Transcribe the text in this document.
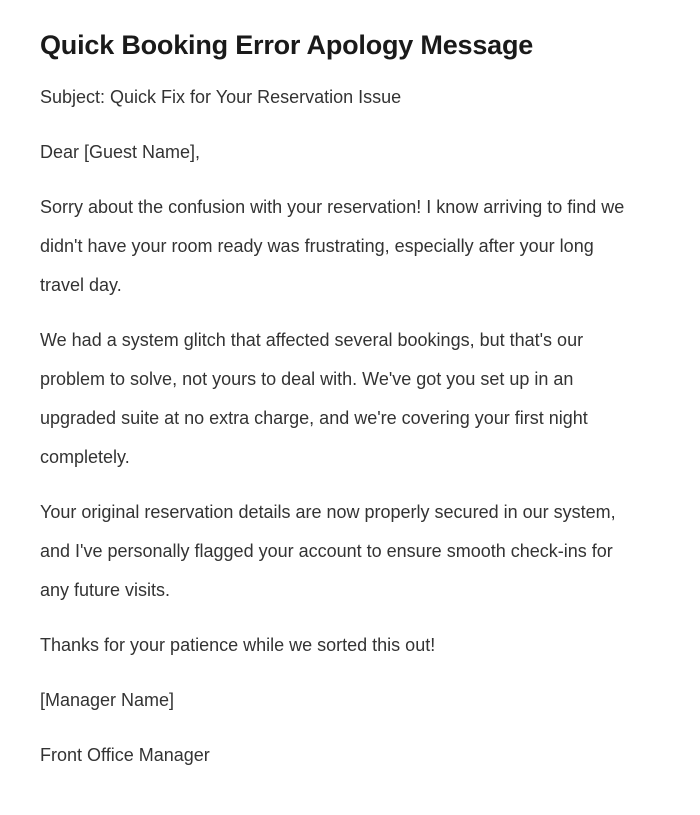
Quick Booking Error Apology Message

Subject: Quick Fix for Your Reservation Issue

Dear [Guest Name],

Sorry about the confusion with your reservation! I know arriving to find we didn't have your room ready was frustrating, especially after your long travel day.

We had a system glitch that affected several bookings, but that's our problem to solve, not yours to deal with. We've got you set up in an upgraded suite at no extra charge, and we're covering your first night completely.

Your original reservation details are now properly secured in our system, and I've personally flagged your account to ensure smooth check-ins for any future visits.

Thanks for your patience while we sorted this out!

[Manager Name]

Front Office Manager
